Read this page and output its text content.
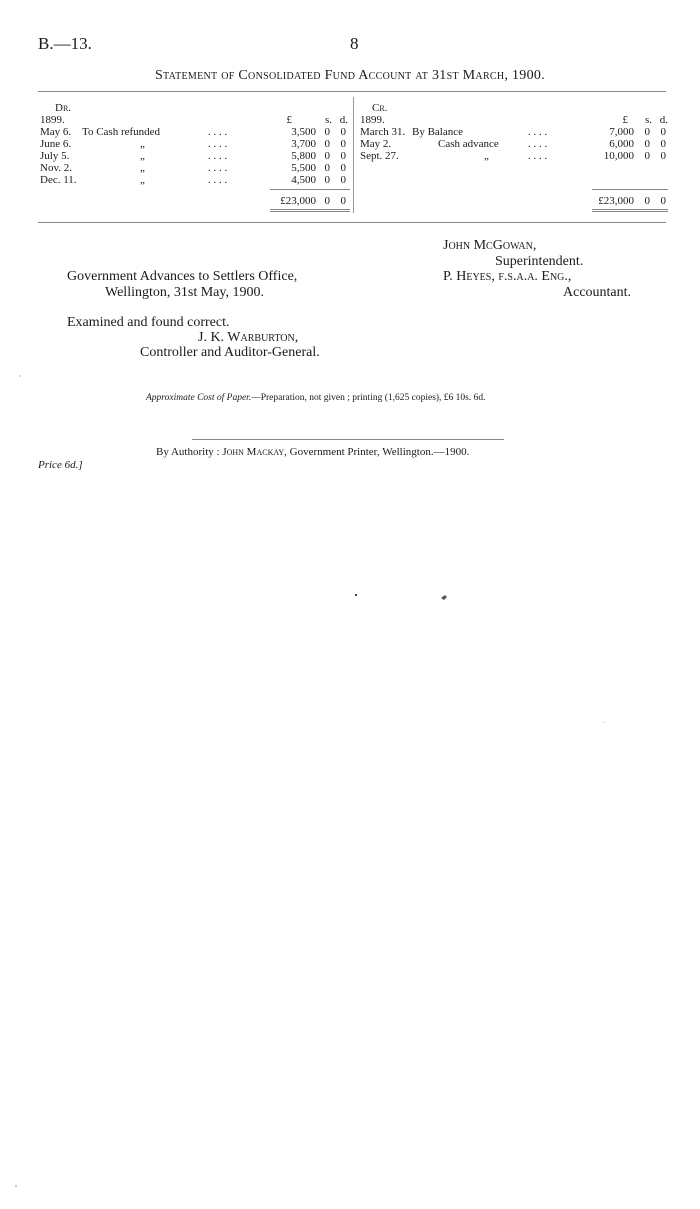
B.—13.	8
Statement of Consolidated Fund Account at 31st March, 1900.
Dr.
1899.	£	s. d.
May 6. To Cash refunded	. . . .	3,500 0 0
June 6.	„	. . . .	3,700 0 0
July 5.	„	. . . .	5,800 0 0
Nov. 2.	„	. . . .	5,500 0 0
Dec. 11.	„	. . . .	4,500 0 0
£23,000 0 0
Cr.
1899.	£	s. d.
March 31. By Balance	. . . .	7,000 0 0
May 2.	Cash advance	. . . .	6,000 0 0
Sept. 27.	„	. . . .	10,000 0 0
£23,000 0 0
John McGowan,
Superintendent.
Government Advances to Settlers Office,	P. Heyes, f.s.a.a. Eng.,
Wellington, 31st May, 1900.	Accountant.
Examined and found correct.
J. K. Warburton,
Controller and Auditor-General.
Approximate Cost of Paper.—Preparation, not given ; printing (1,625 copies), £6 10s. 6d.
By Authority : John Mackay, Government Printer, Wellington.—1900.
Price 6d.]
